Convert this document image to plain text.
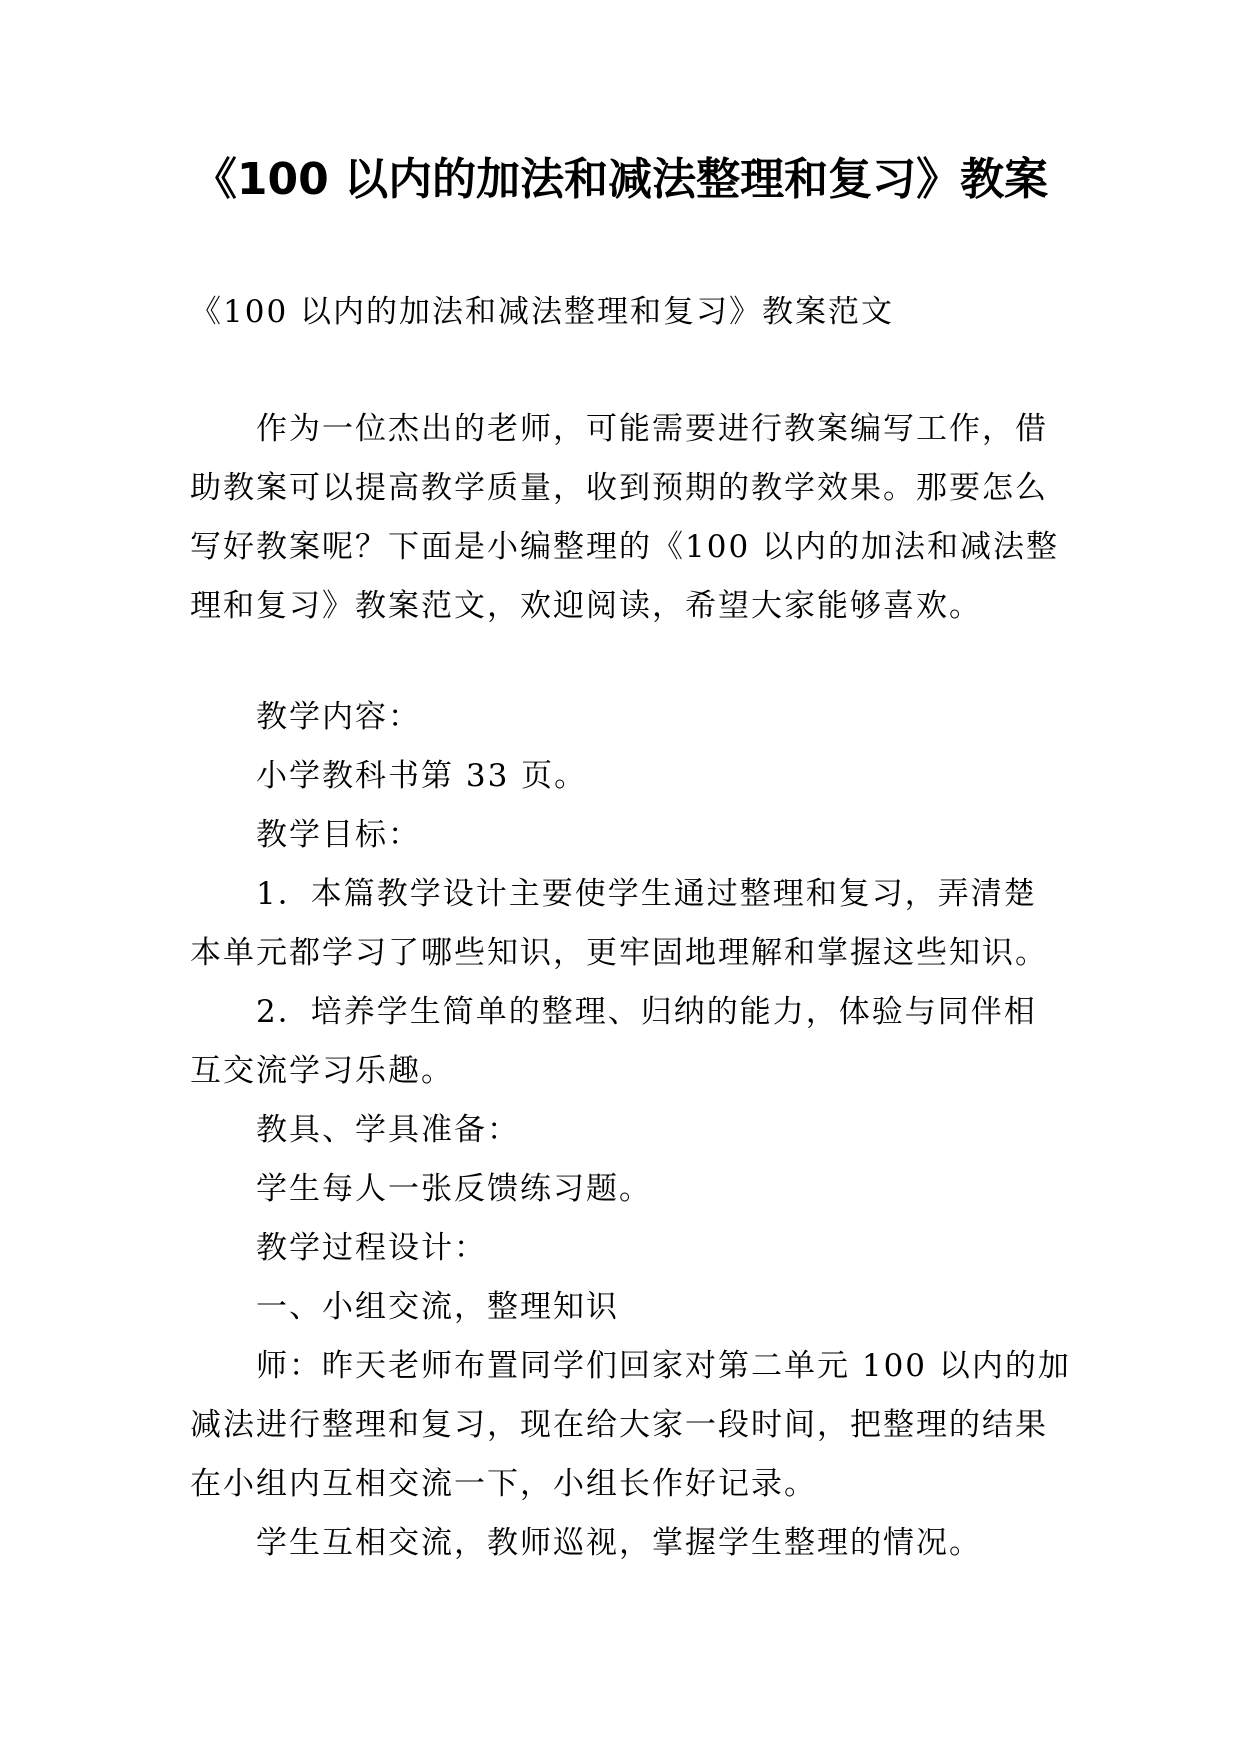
《100 以内的加法和减法整理和复习》教案

《100 以内的加法和减法整理和复习》教案范文

作为一位杰出的老师，可能需要进行教案编写工作，借

助教案可以提高教学质量，收到预期的教学效果。那要怎么

写好教案呢？下面是小编整理的《100 以内的加法和减法整

理和复习》教案范文，欢迎阅读，希望大家能够喜欢。

教学内容：

小学教科书第 33 页。

教学目标：

1．本篇教学设计主要使学生通过整理和复习，弄清楚

本单元都学习了哪些知识，更牢固地理解和掌握这些知识。

2．培养学生简单的整理、归纳的能力，体验与同伴相

互交流学习乐趣。

教具、学具准备：

学生每人一张反馈练习题。

教学过程设计：

一、小组交流，整理知识

师：昨天老师布置同学们回家对第二单元 100 以内的加

减法进行整理和复习，现在给大家一段时间，把整理的结果

在小组内互相交流一下，小组长作好记录。

学生互相交流，教师巡视，掌握学生整理的情况。
